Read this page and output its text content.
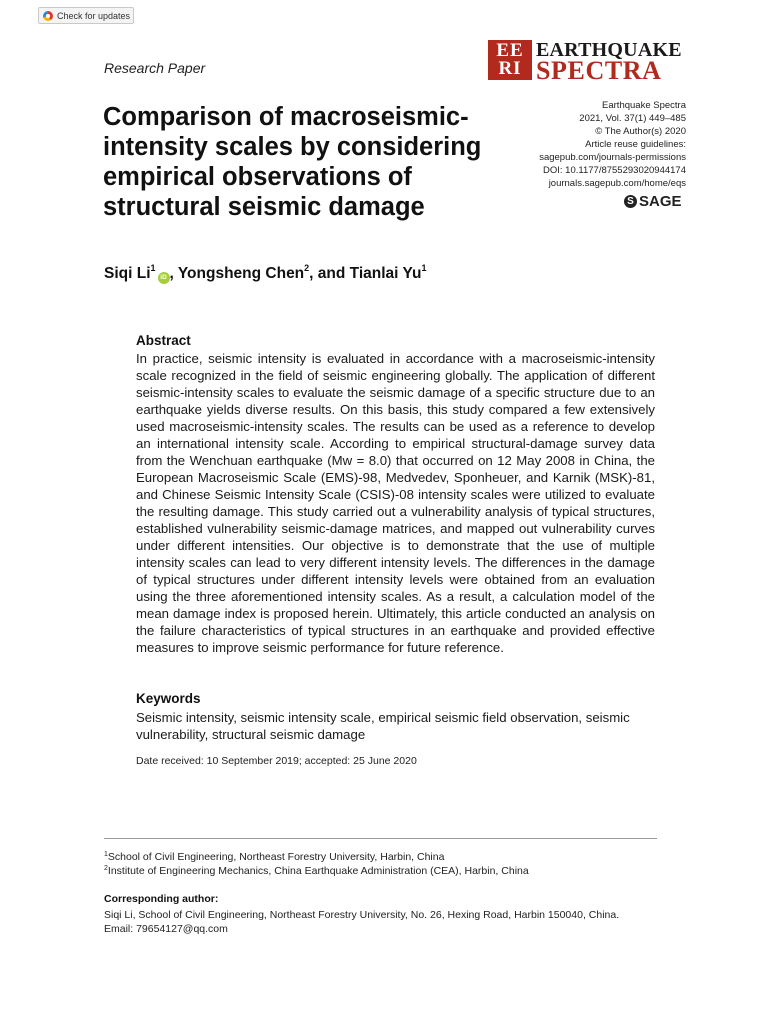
Check for updates
Research Paper
EE
RI
EARTHQUAKE
SPECTRA
Comparison of macroseismic-intensity scales by considering empirical observations of structural seismic damage
Earthquake Spectra
2021, Vol. 37(1) 449–485
© The Author(s) 2020
Article reuse guidelines:
sagepub.com/journals-permissions
DOI: 10.1177/8755293020944174
journals.sagepub.com/home/eqs
S SAGE
Siqi Li$^1$iD , Yongsheng Chen$^2$, and Tianlai Yu$^1$
Abstract

In practice, seismic intensity is evaluated in accordance with a macroseismic-intensity scale recognized in the field of seismic engineering globally. The application of different seismic-intensity scales to evaluate the seismic damage of a specific structure due to an earthquake yields diverse results. On this basis, this study compared a few extensively used macroseismic-intensity scales. The results can be used as a reference to develop an international intensity scale. According to empirical structural-damage survey data from the Wenchuan earthquake (Mw = 8.0) that occurred on 12 May 2008 in China, the European Macroseismic Scale (EMS)-98, Medvedev, Sponheuer, and Karnik (MSK)-81, and Chinese Seismic Intensity Scale (CSIS)-08 intensity scales were utilized to evaluate the resulting damage. This study carried out a vulnerability analysis of typical structures, established vulnerability seismic-damage matrices, and mapped out vulnerability curves under different intensities. Our objective is to demonstrate that the use of multiple intensity scales can lead to very different intensity levels. The differences in the damage of typical structures under different intensity levels were obtained from an evaluation using the three aforementioned intensity scales. As a result, a calculation model of the mean damage index is proposed herein. Ultimately, this article conducted an analysis on the failure characteristics of typical structures in an earthquake and provided effective measures to improve seismic performance for future reference.

Keywords

Seismic intensity, seismic intensity scale, empirical seismic field observation, seismic vulnerability, structural seismic damage

Date received: 10 September 2019; accepted: 25 June 2020
$^1$School of Civil Engineering, Northeast Forestry University, Harbin, China
$^2$Institute of Engineering Mechanics, China Earthquake Administration (CEA), Harbin, China
Corresponding author:
Siqi Li, School of Civil Engineering, Northeast Forestry University, No. 26, Hexing Road, Harbin 150040, China.
Email: 79654127@qq.com
